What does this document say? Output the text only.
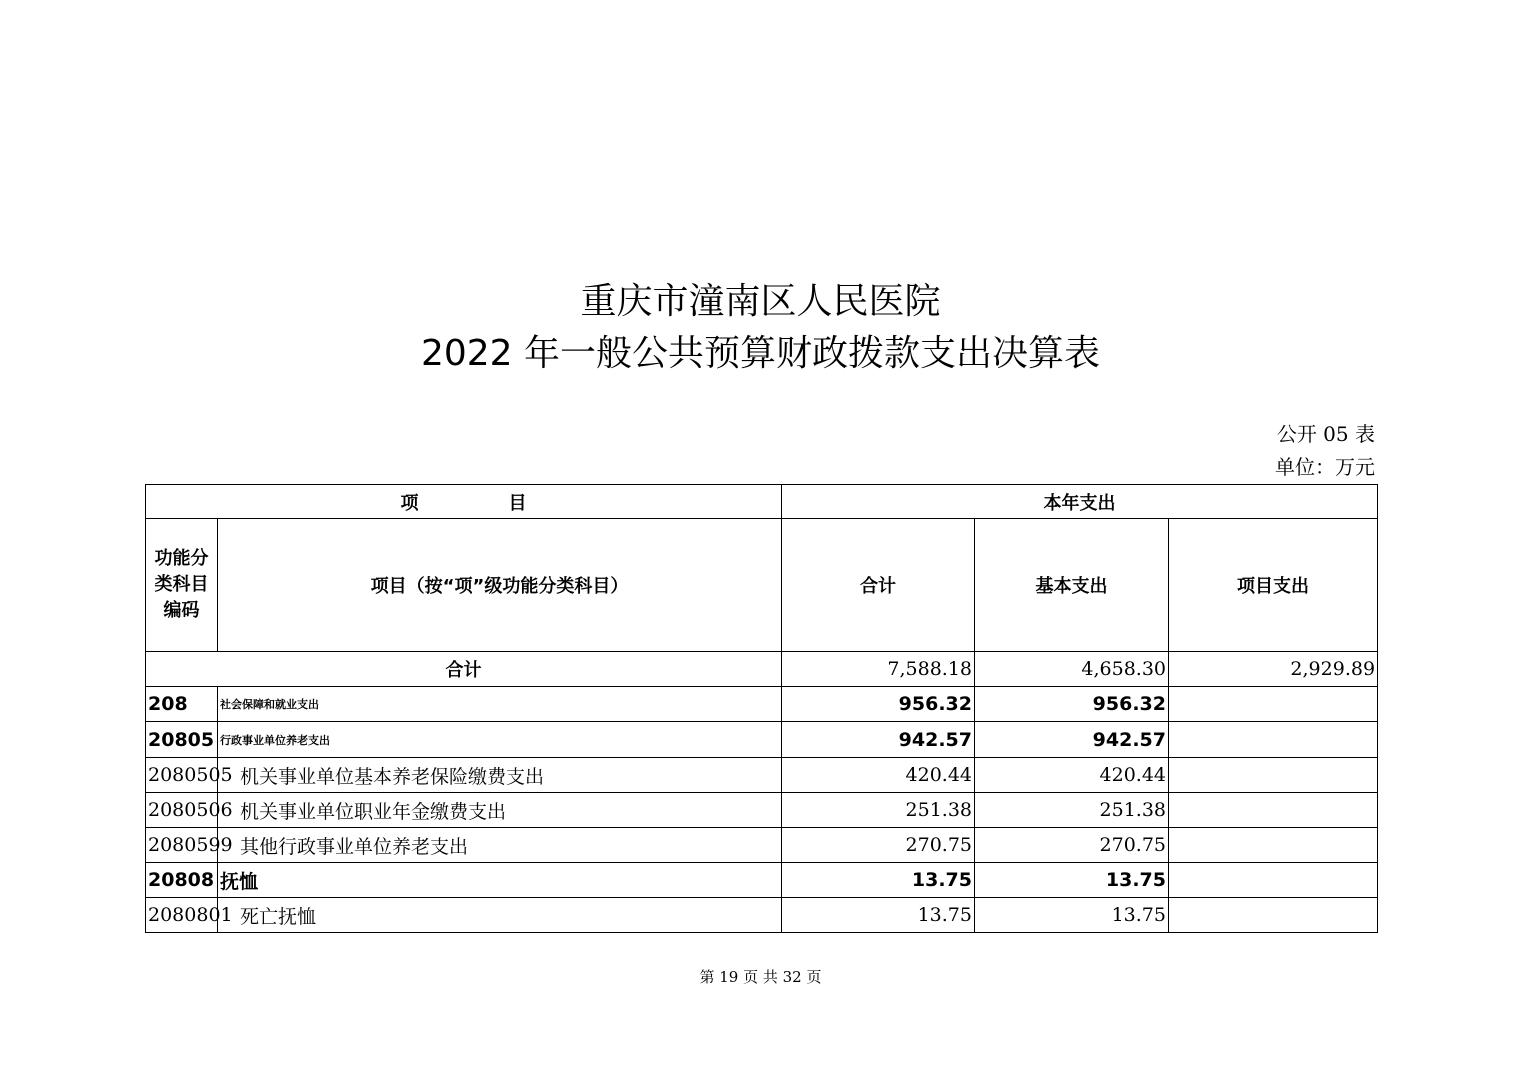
重庆市潼南区人民医院
2022 年一般公共预算财政拨款支出决算表
公开 05 表
单位：万元
项　　　　　目		本年支出		
功能分类科目编码	项目（按“项”级功能分类科目）	合计	基本支出	项目支出
合计		7,588.18	4,658.30	2,929.89
208	社会保障和就业支出	956.32	956.32	
20805	行政事业单位养老支出	942.57	942.57	
2080505	机关事业单位基本养老保险缴费支出	420.44	420.44	
2080506	机关事业单位职业年金缴费支出	251.38	251.38	
2080599	其他行政事业单位养老支出	270.75	270.75	
20808	抚恤	13.75	13.75	
2080801	死亡抚恤	13.75	13.75	
第 19 页 共 32 页
